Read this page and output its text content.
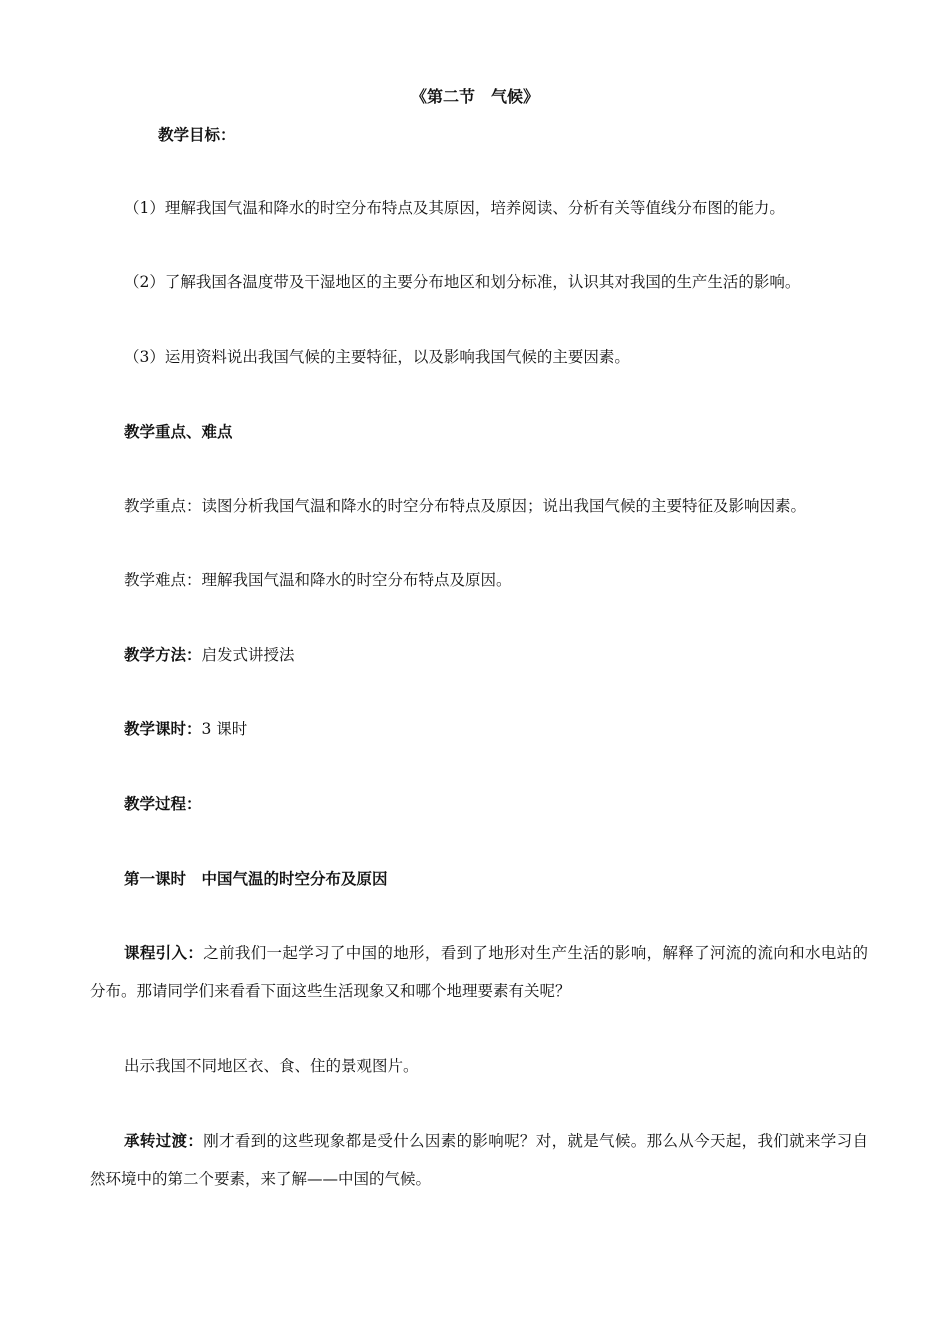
《第二节　气候》
教学目标：
（1）理解我国气温和降水的时空分布特点及其原因，培养阅读、分析有关等值线分布图的能力。
（2）了解我国各温度带及干湿地区的主要分布地区和划分标准，认识其对我国的生产生活的影响。
（3）运用资料说出我国气候的主要特征，以及影响我国气候的主要因素。
教学重点、难点
教学重点：读图分析我国气温和降水的时空分布特点及原因；说出我国气候的主要特征及影响因素。
教学难点：理解我国气温和降水的时空分布特点及原因。
教学方法：启发式讲授法
教学课时：3 课时
教学过程：
第一课时　中国气温的时空分布及原因
课程引入：之前我们一起学习了中国的地形，看到了地形对生产生活的影响，解释了河流的流向和水电站的分布。那请同学们来看看下面这些生活现象又和哪个地理要素有关呢？
出示我国不同地区衣、食、住的景观图片。
承转过渡：刚才看到的这些现象都是受什么因素的影响呢？对，就是气候。那么从今天起，我们就来学习自然环境中的第二个要素，来了解——中国的气候。
